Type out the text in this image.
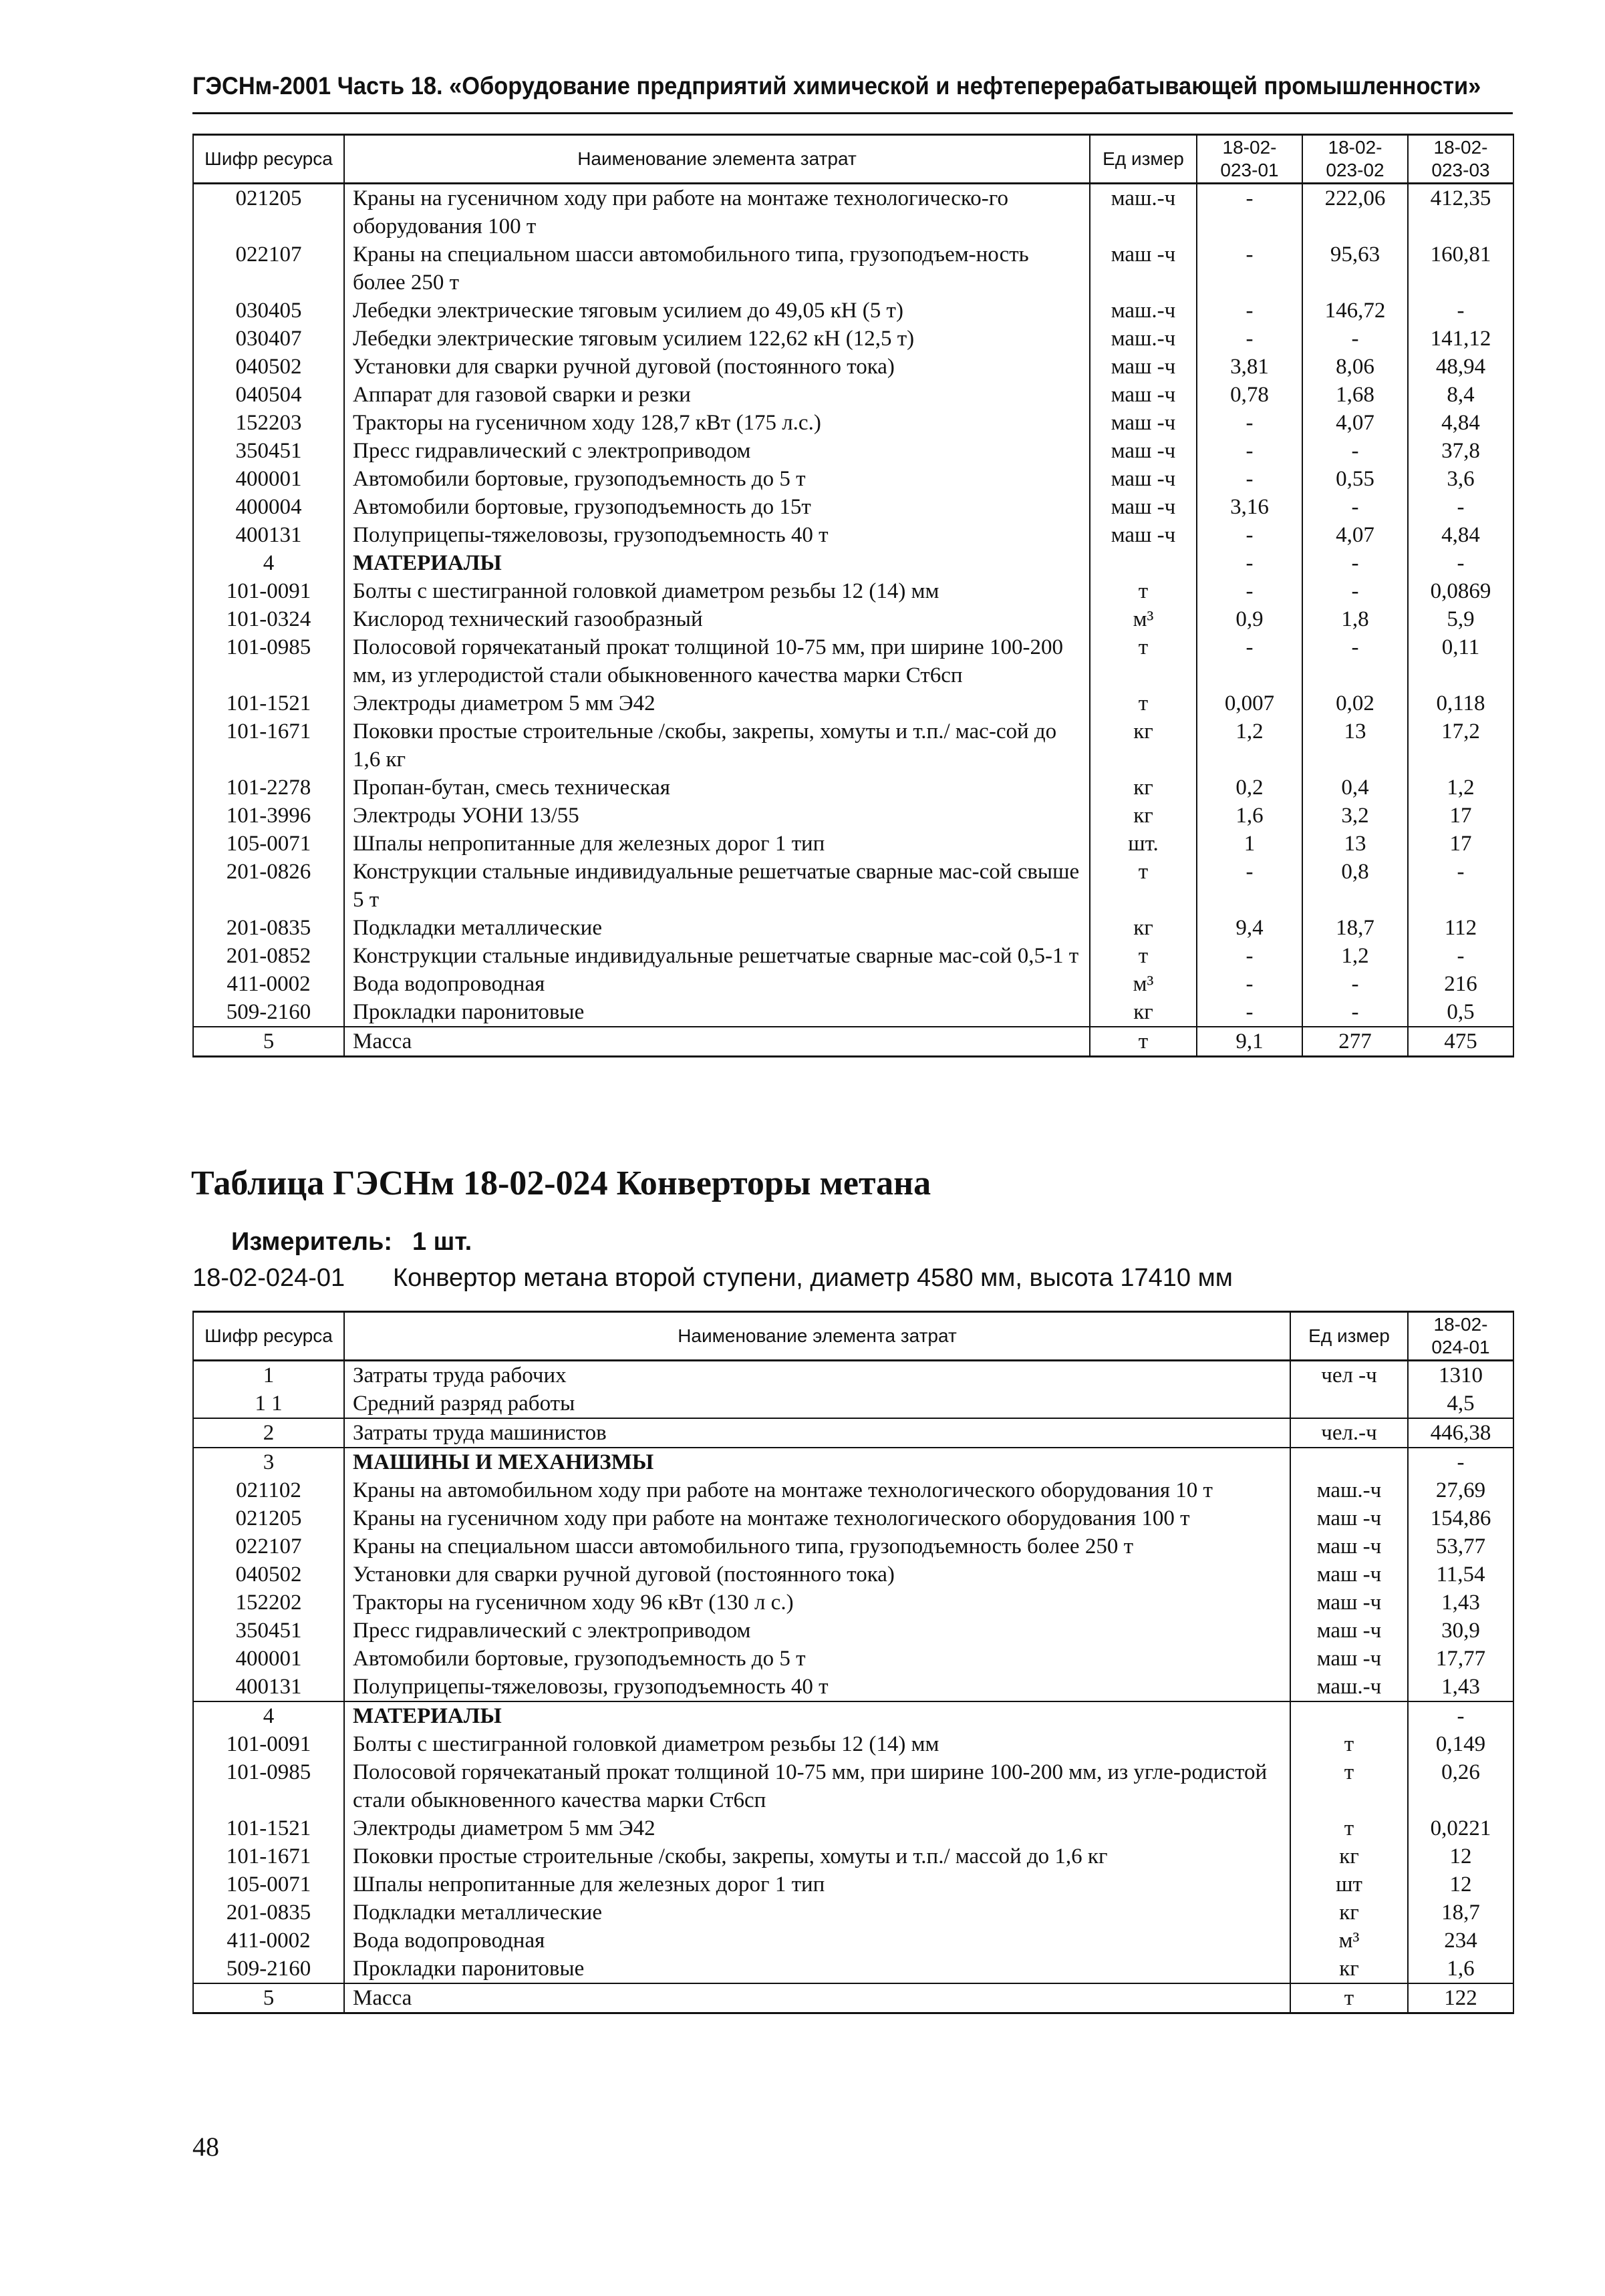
ГЭСНм-2001 Часть 18. «Оборудование предприятий химической и нефтеперерабатывающей промышленности»
Шифр ресурса	Наименование элемента затрат	Ед измер	18-02-023-01	18-02-023-02	18-02-023-03
021205	Краны на гусеничном ходу при работе на монтаже технологическо-го оборудования 100 т	маш.-ч	-	222,06	412,35
022107	Краны на специальном шасси автомобильного типа, грузоподъем-ность более 250 т	маш -ч	-	95,63	160,81
030405	Лебедки электрические тяговым усилием до 49,05 кН (5 т)	маш.-ч	-	146,72	-
030407	Лебедки электрические тяговым усилием 122,62 кН (12,5 т)	маш.-ч	-	-	141,12
040502	Установки для сварки ручной дуговой (постоянного тока)	маш -ч	3,81	8,06	48,94
040504	Аппарат для газовой сварки и резки	маш -ч	0,78	1,68	8,4
152203	Тракторы на гусеничном ходу 128,7 кВт (175 л.с.)	маш -ч	-	4,07	4,84
350451	Пресс гидравлический с электроприводом	маш -ч	-	-	37,8
400001	Автомобили бортовые, грузоподъемность до 5 т	маш -ч	-	0,55	3,6
400004	Автомобили бортовые, грузоподъемность до 15т	маш -ч	3,16	-	-
400131	Полуприцепы-тяжеловозы, грузоподъемность 40 т	маш -ч	-	4,07	4,84
4	МАТЕРИАЛЫ		-	-	-
101-0091	Болты с шестигранной головкой диаметром резьбы 12 (14) мм	т	-	-	0,0869
101-0324	Кислород технический газообразный	м³	0,9	1,8	5,9
101-0985	Полосовой горячекатаный прокат толщиной 10-75 мм, при ширине 100-200 мм, из углеродистой стали обыкновенного качества марки Ст6сп	т	-	-	0,11
101-1521	Электроды диаметром 5 мм Э42	т	0,007	0,02	0,118
101-1671	Поковки простые строительные /скобы, закрепы, хомуты и т.п./ мас-сой до 1,6 кг	кг	1,2	13	17,2
101-2278	Пропан-бутан, смесь техническая	кг	0,2	0,4	1,2
101-3996	Электроды УОНИ 13/55	кг	1,6	3,2	17
105-0071	Шпалы непропитанные для железных дорог 1 тип	шт.	1	13	17
201-0826	Конструкции стальные индивидуальные решетчатые сварные мас-сой свыше 5 т	т	-	0,8	-
201-0835	Подкладки металлические	кг	9,4	18,7	112
201-0852	Конструкции стальные индивидуальные решетчатые сварные мас-сой 0,5-1 т	т	-	1,2	-
411-0002	Вода водопроводная	м³	-	-	216
509-2160	Прокладки паронитовые	кг	-	-	0,5
5	Масса	т	9,1	277	475
Таблица ГЭСНм 18-02-024 Конверторы метана
Измеритель: 1 шт.
18-02-024-01 Конвертор метана второй ступени, диаметр 4580 мм, высота 17410 мм
Шифр ресурса	Наименование элемента затрат	Ед измер	18-02-024-01
1	Затраты труда рабочих	чел -ч	1310
1 1	Средний разряд работы		4,5
2	Затраты труда машинистов	чел.-ч	446,38
3	МАШИНЫ И МЕХАНИЗМЫ		-
021102	Краны на автомобильном ходу при работе на монтаже технологического оборудования 10 т	маш.-ч	27,69
021205	Краны на гусеничном ходу при работе на монтаже технологического оборудования 100 т	маш -ч	154,86
022107	Краны на специальном шасси автомобильного типа, грузоподъемность более 250 т	маш -ч	53,77
040502	Установки для сварки ручной дуговой (постоянного тока)	маш -ч	11,54
152202	Тракторы на гусеничном ходу 96 кВт (130 л с.)	маш -ч	1,43
350451	Пресс гидравлический с электроприводом	маш -ч	30,9
400001	Автомобили бортовые, грузоподъемность до 5 т	маш -ч	17,77
400131	Полуприцепы-тяжеловозы, грузоподъемность 40 т	маш.-ч	1,43
4	МАТЕРИАЛЫ		-
101-0091	Болты с шестигранной головкой диаметром резьбы 12 (14) мм	т	0,149
101-0985	Полосовой горячекатаный прокат толщиной 10-75 мм, при ширине 100-200 мм, из угле-родистой стали обыкновенного качества марки Ст6сп	т	0,26
101-1521	Электроды диаметром 5 мм Э42	т	0,0221
101-1671	Поковки простые строительные /скобы, закрепы, хомуты и т.п./ массой до 1,6 кг	кг	12
105-0071	Шпалы непропитанные для железных дорог 1 тип	шт	12
201-0835	Подкладки металлические	кг	18,7
411-0002	Вода водопроводная	м³	234
509-2160	Прокладки паронитовые	кг	1,6
5	Масса	т	122
48
